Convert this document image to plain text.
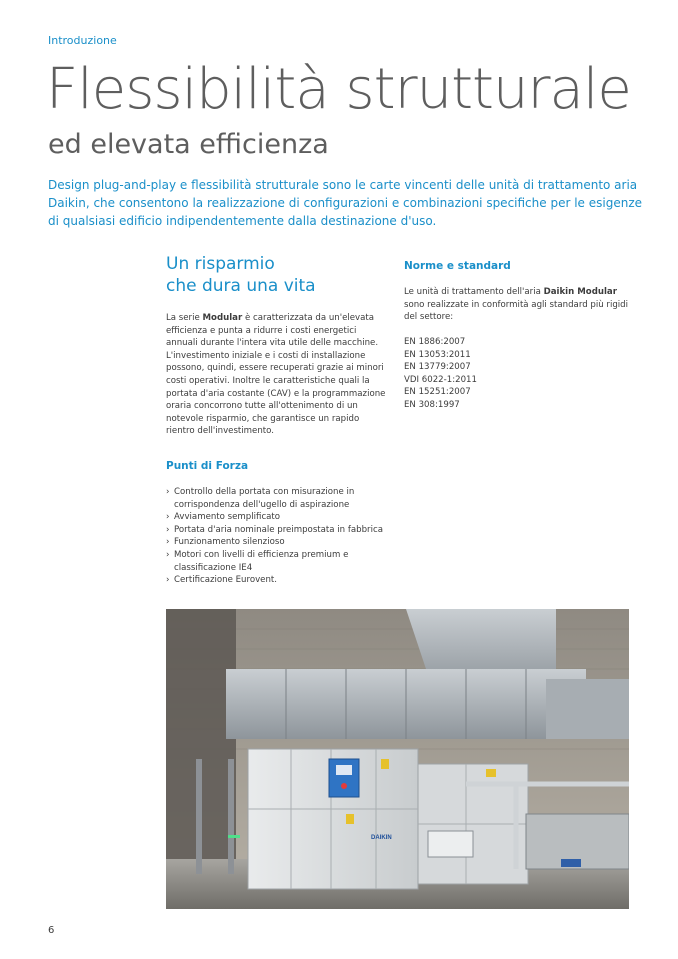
Introduzione
Flessibilità strutturale
ed elevata efficienza
Design plug-and-play e flessibilità strutturale sono le carte vincenti delle unità di trattamento aria Daikin, che consentono la realizzazione di configurazioni e combinazioni specifiche per le esigenze di qualsiasi edificio indipendentemente dalla destinazione d'uso.
Un risparmio
che dura una vita
La serie Modular è caratterizzata da un'elevata efficienza e punta a ridurre i costi energetici annuali durante l'intera vita utile delle macchine. L'investimento iniziale e i costi di installazione possono, quindi, essere recuperati grazie ai minori costi operativi. Inoltre le caratteristiche quali la portata d'aria costante (CAV) e la programmazione oraria concorrono tutte all'ottenimento di un notevole risparmio, che garantisce un rapido rientro dell'investimento.
Punti di Forza
› Controllo della portata con misurazione in corrispondenza dell'ugello di aspirazione
› Avviamento semplificato
› Portata d'aria nominale preimpostata in fabbrica
› Funzionamento silenzioso
› Motori con livelli di efficienza premium e classificazione IE4
› Certificazione Eurovent.
Norme e standard
Le unità di trattamento dell'aria Daikin Modular sono realizzate in conformità agli standard più rigidi del settore:
EN 1886:2007
EN 13053:2011
EN 13779:2007
VDI 6022-1:2011
EN 15251:2007
EN 308:1997
DAIKIN
6
